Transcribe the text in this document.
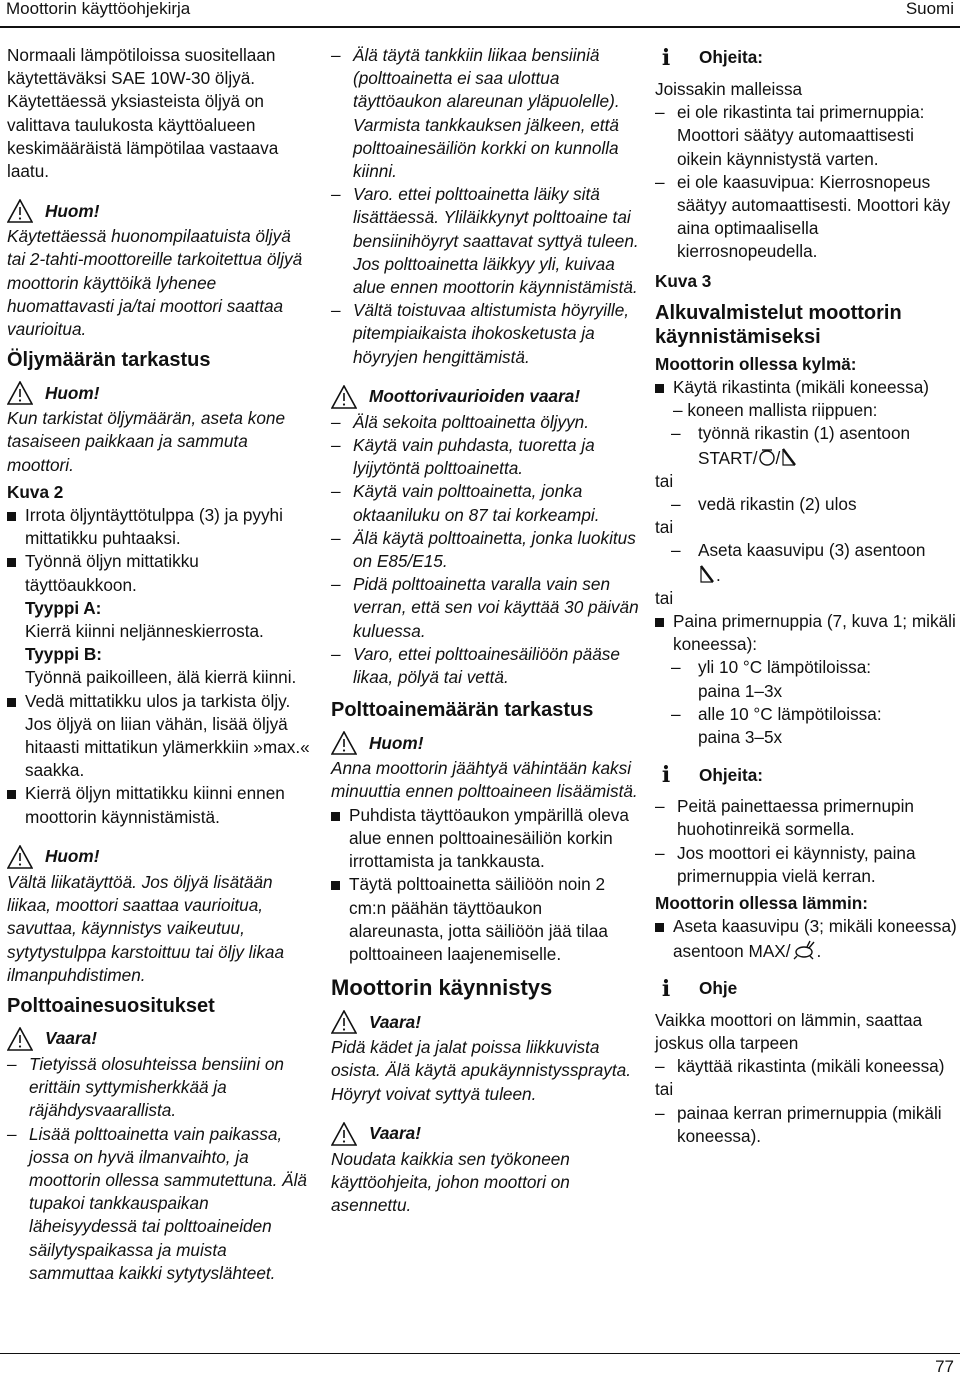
Moottorin käyttöohjekirja	Suomi

Normaali lämpötiloissa suositellaan käytettäväksi SAE 10W-30 öljyä. Käytettäessä yksiasteista öljyä on valittava taulukosta käyttöalueen keskimääräistä lämpötilaa vastaava laatu.

Huom!

Käytettäessä huonompilaatuista öljyä tai 2-tahti-moottoreille tarkoitettua öljyä moottorin käyttöikä lyhenee huomattavasti ja/tai moottori saattaa vaurioitua.

Öljymäärän tarkastus
Huom!

Kun tarkistat öljymäärän, aseta kone tasaiseen paikkaan ja sammuta moottori.

Kuva 2

Irrota öljyntäyttötulppa (3) ja pyyhi mittatikku puhtaaksi.

Työnnä öljyn mittatikku täyttöaukkoon.

Tyyppi A:

Kierrä kiinni neljänneskierrosta.

Tyyppi B:

Työnnä paikoilleen, älä kierrä kiinni.

Vedä mittatikku ulos ja tarkista öljy. Jos öljyä on liian vähän, lisää öljyä hitaasti mittatikun ylämerkkiin »max.« saakka.

Kierrä öljyn mittatikku kiinni ennen moottorin käynnistämistä.

Huom!

Vältä liikatäyttöä. Jos öljyä lisätään liikaa, moottori saattaa vaurioitua, savuttaa, käynnistys vaikeutuu, sytytystulppa karstoittuu tai öljy likaa ilmanpuhdistimen.

Polttoainesuositukset
Vaara!

– Tietyissä olosuhteissa bensiini on erittäin syttymisherkkää ja räjähdysvaarallista.

– Lisää polttoainetta vain paikassa, jossa on hyvä ilmanvaihto, ja moottorin ollessa sammutettuna. Älä tupakoi tankkauspaikan läheisyydessä tai polttoaineiden säilytyspaikassa ja muista sammuttaa kaikki sytytyslähteet.

– Älä täytä tankkiin liikaa bensiiniä (polttoainetta ei saa ulottua täyttöaukon alareunan yläpuolelle). Varmista tankkauksen jälkeen, että polttoainesäiliön korkki on kunnolla kiinni.

– Varo. ettei polttoainetta läiky sitä lisättäessä. Yliläikkynyt polttoaine tai bensiinihöyryt saattavat syttyä tuleen. Jos polttoainetta läikkyy yli, kuivaa alue ennen moottorin käynnistämistä.

– Vältä toistuvaa altistumista höyryille, pitempiaikaista ihokosketusta ja höyryjen hengittämistä.

Moottorivaurioiden vaara!

– Älä sekoita polttoainetta öljyyn.

– Käytä vain puhdasta, tuoretta ja lyijytöntä polttoainetta.

– Käytä vain polttoainetta, jonka oktaaniluku on 87 tai korkeampi.

– Älä käytä polttoainetta, jonka luokitus on E85/E15.

– Pidä polttoainetta varalla vain sen verran, että sen voi käyttää 30 päivän kuluessa.

– Varo, ettei polttoainesäiliöön pääse likaa, pölyä tai vettä.

Polttoainemäärän tarkastus
Huom!

Anna moottorin jäähtyä vähintään kaksi minuuttia ennen polttoaineen lisäämistä.

Puhdista täyttöaukon ympärillä oleva alue ennen polttoainesäiliön korkin irrottamista ja tankkausta.

Täytä polttoainetta säiliöön noin 2 cm:n päähän täyttöaukon alareunasta, jotta säiliöön jää tilaa polttoaineen laajenemiselle.

Moottorin käynnistys
Vaara!

Pidä kädet ja jalat poissa liikkuvista osista. Älä käytä apukäynnistyssprayta. Höyryt voivat syttyä tuleen.

Vaara!

Noudata kaikkia sen työkoneen käyttöohjeita, johon moottori on asennettu.

i	Ohjeita:

Joissakin malleissa

– ei ole rikastinta tai primernuppia: Moottori säätyy automaattisesti oikein käynnistystä varten.

– ei ole kaasuvipua: Kierrosnopeus säätyy automaattisesti. Moottori käy aina optimaalisella kierrosnopeudella.

Kuva 3

Alkuvalmistelut moottorin käynnistämiseksi

Moottorin ollessa kylmä:

Käytä rikastinta (mikäli koneessa)

– koneen mallista riippuen:

– työnnä rikastin (1) asentoon START/ /

tai

– vedä rikastin (2) ulos

tai

– Aseta kaasuvipu (3) asentoon
.

tai

Paina primernuppia (7, kuva 1; mikäli koneessa):

– yli 10 °C lämpötiloissa:

paina 1–3x

– alle 10 °C lämpötiloissa:

paina 3–5x

i	Ohjeita:

– Peitä painettaessa primernupin huohotinreikä sormella.

– Jos moottori ei käynnisty, paina primernuppia vielä kerran.

Moottorin ollessa lämmin:

Aseta kaasuvipu (3; mikäli koneessa) asentoon MAX/ .

i	Ohje

Vaikka moottori on lämmin, saattaa joskus olla tarpeen

– käyttää rikastinta (mikäli koneessa)

tai

– painaa kerran primernuppia (mikäli koneessa).

77
